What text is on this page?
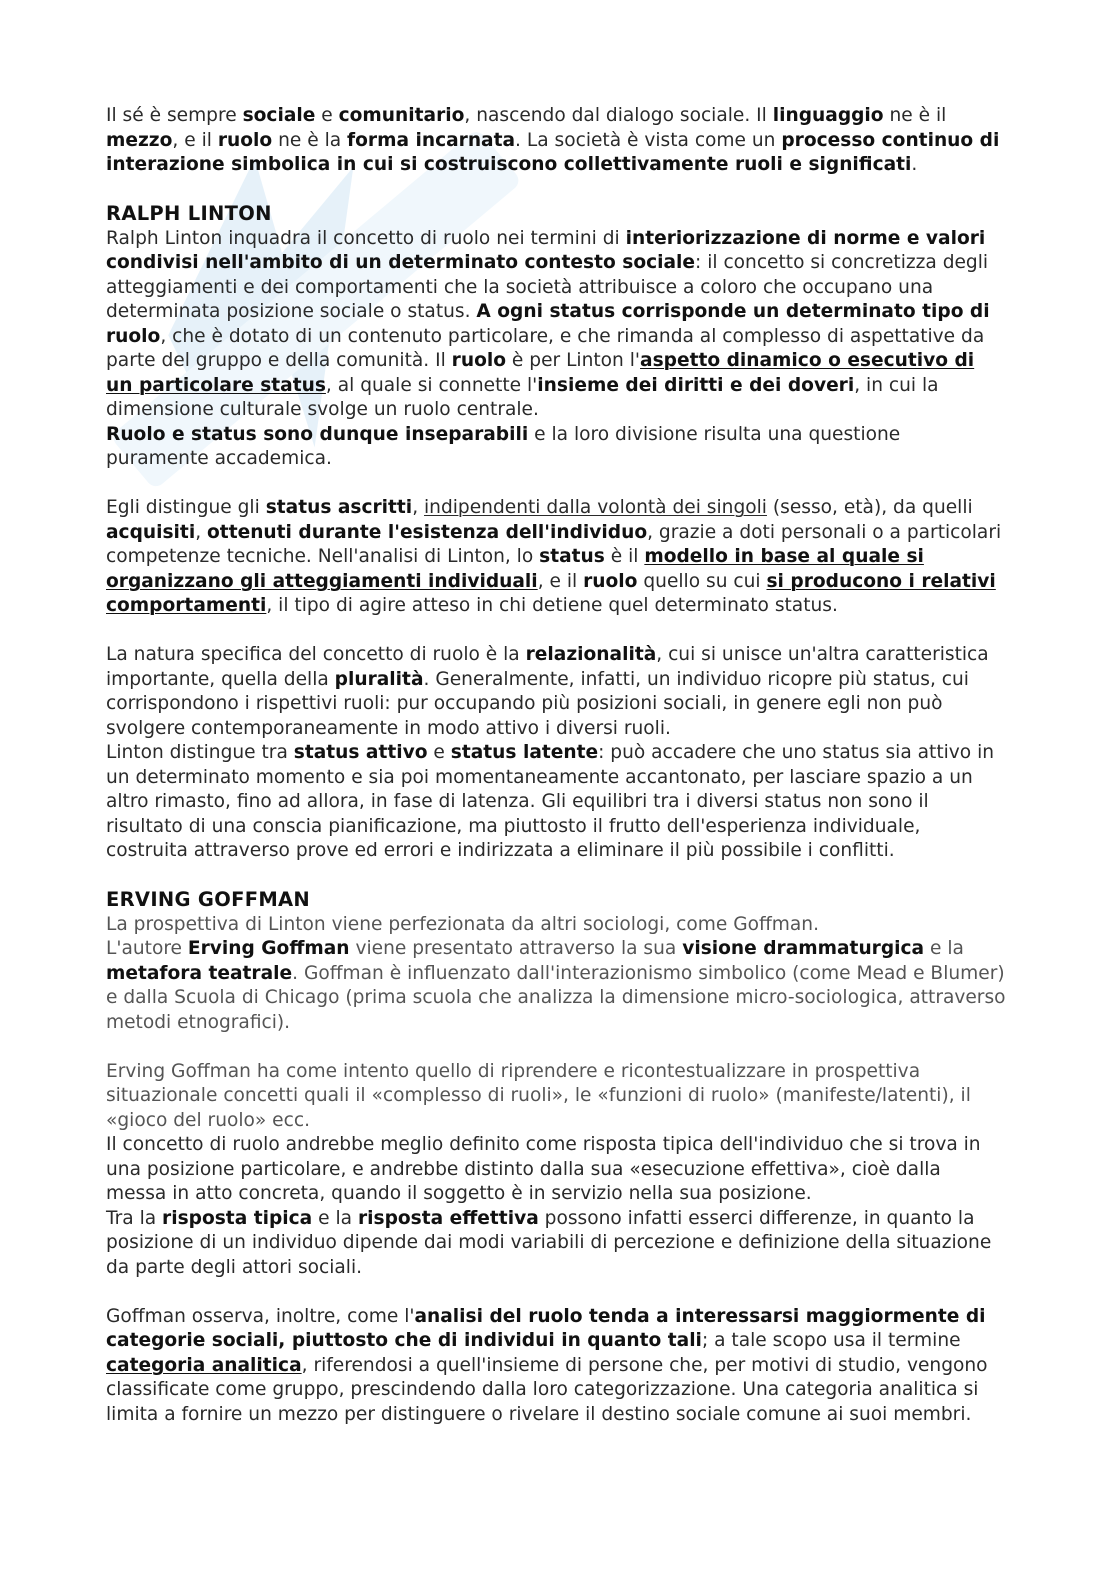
Il sé è sempre sociale e comunitario, nascendo dal dialogo sociale. Il linguaggio ne è il mezzo, e il ruolo ne è la forma incarnata. La società è vista come un processo continuo di interazione simbolica in cui si costruiscono collettivamente ruoli e significati.

RALPH LINTON

Ralph Linton inquadra il concetto di ruolo nei termini di interiorizzazione di norme e valori condivisi nell'ambito di un determinato contesto sociale: il concetto si concretizza degli atteggiamenti e dei comportamenti che la società attribuisce a coloro che occupano una determinata posizione sociale o status. A ogni status corrisponde un determinato tipo di ruolo, che è dotato di un contenuto particolare, e che rimanda al complesso di aspettative da parte del gruppo e della comunità. Il ruolo è per Linton l'aspetto dinamico o esecutivo di un particolare status, al quale si connette l'insieme dei diritti e dei doveri, in cui la dimensione culturale svolge un ruolo centrale.

Ruolo e status sono dunque inseparabili e la loro divisione risulta una questione puramente accademica.

Egli distingue gli status ascritti, indipendenti dalla volontà dei singoli (sesso, età), da quelli acquisiti, ottenuti durante l'esistenza dell'individuo, grazie a doti personali o a particolari competenze tecniche. Nell'analisi di Linton, lo status è il modello in base al quale si organizzano gli atteggiamenti individuali, e il ruolo quello su cui si producono i relativi comportamenti, il tipo di agire atteso in chi detiene quel determinato status.

La natura specifica del concetto di ruolo è la relazionalità, cui si unisce un'altra caratteristica importante, quella della pluralità. Generalmente, infatti, un individuo ricopre più status, cui corrispondono i rispettivi ruoli: pur occupando più posizioni sociali, in genere egli non può svolgere contemporaneamente in modo attivo i diversi ruoli.

Linton distingue tra status attivo e status latente: può accadere che uno status sia attivo in un determinato momento e sia poi momentaneamente accantonato, per lasciare spazio a un altro rimasto, fino ad allora, in fase di latenza. Gli equilibri tra i diversi status non sono il risultato di una conscia pianificazione, ma piuttosto il frutto dell'esperienza individuale, costruita attraverso prove ed errori e indirizzata a eliminare il più possibile i conflitti.

ERVING GOFFMAN

La prospettiva di Linton viene perfezionata da altri sociologi, come Goffman.

L'autore Erving Goffman viene presentato attraverso la sua visione drammaturgica e la metafora teatrale. Goffman è influenzato dall'interazionismo simbolico (come Mead e Blumer) e dalla Scuola di Chicago (prima scuola che analizza la dimensione micro-sociologica, attraverso metodi etnografici).

Erving Goffman ha come intento quello di riprendere e ricontestualizzare in prospettiva situazionale concetti quali il «complesso di ruoli», le «funzioni di ruolo» (manifeste/latenti), il «gioco del ruolo» ecc.

Il concetto di ruolo andrebbe meglio definito come risposta tipica dell'individuo che si trova in una posizione particolare, e andrebbe distinto dalla sua «esecuzione effettiva», cioè dalla messa in atto concreta, quando il soggetto è in servizio nella sua posizione.

Tra la risposta tipica e la risposta effettiva possono infatti esserci differenze, in quanto la posizione di un individuo dipende dai modi variabili di percezione e definizione della situazione da parte degli attori sociali.

Goffman osserva, inoltre, come l'analisi del ruolo tenda a interessarsi maggiormente di categorie sociali, piuttosto che di individui in quanto tali; a tale scopo usa il termine categoria analitica, riferendosi a quell'insieme di persone che, per motivi di studio, vengono classificate come gruppo, prescindendo dalla loro categorizzazione. Una categoria analitica si limita a fornire un mezzo per distinguere o rivelare il destino sociale comune ai suoi membri.
